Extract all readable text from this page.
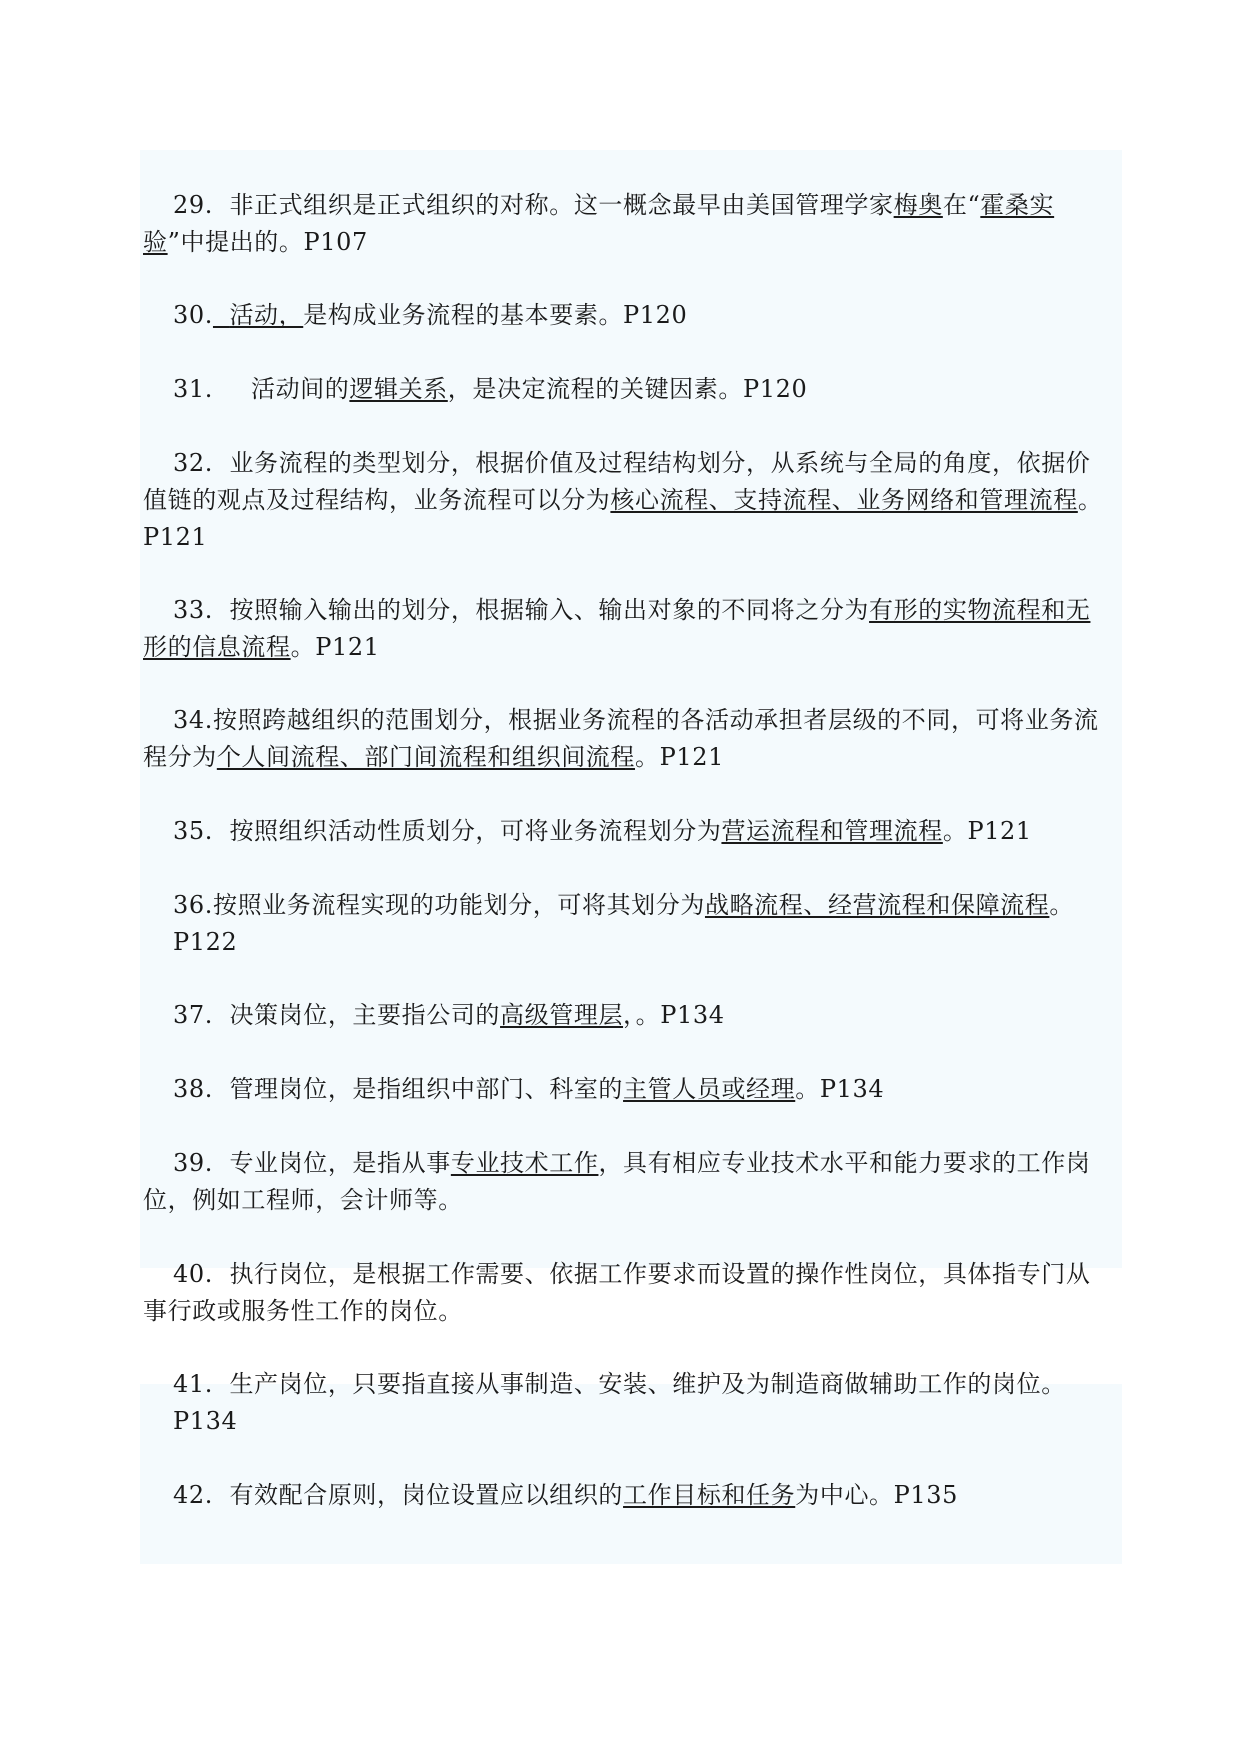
29. 非正式组织是正式组织的对称。这一概念最早由美国管理学家梅奥在“霍桑实验”中提出的。P107

30. 活动，是构成业务流程的基本要素。P120

31. 活动间的逻辑关系，是决定流程的关键因素。P120

32. 业务流程的类型划分，根据价值及过程结构划分，从系统与全局的角度，依据价值链的观点及过程结构，业务流程可以分为核心流程、支持流程、业务网络和管理流程。P121

33. 按照输入输出的划分，根据输入、输出对象的不同将之分为有形的实物流程和无形的信息流程。P121

34.按照跨越组织的范围划分，根据业务流程的各活动承担者层级的不同，可将业务流程分为个人间流程、部门间流程和组织间流程。P121

35. 按照组织活动性质划分，可将业务流程划分为营运流程和管理流程。P121

36.按照业务流程实现的功能划分，可将其划分为战略流程、经营流程和保障流程。P122

37. 决策岗位，主要指公司的高级管理层，。P134

38. 管理岗位，是指组织中部门、科室的主管人员或经理。P134

39. 专业岗位，是指从事专业技术工作，具有相应专业技术水平和能力要求的工作岗位，例如工程师，会计师等。

40. 执行岗位，是根据工作需要、依据工作要求而设置的操作性岗位，具体指专门从事行政或服务性工作的岗位。

41. 生产岗位，只要指直接从事制造、安装、维护及为制造商做辅助工作的岗位。P134

42. 有效配合原则，岗位设置应以组织的工作目标和任务为中心。P135
